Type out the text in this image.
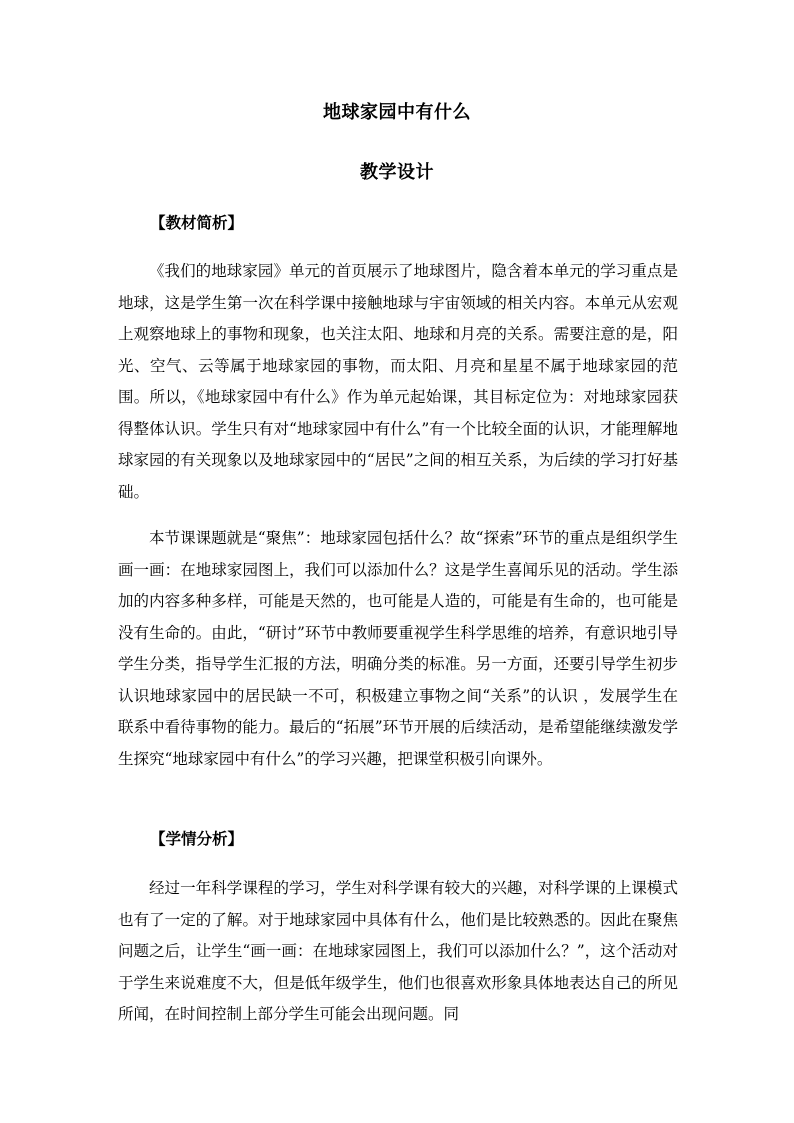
地球家园中有什么
教学设计
【教材简析】

《我们的地球家园》单元的首页展示了地球图片，隐含着本单元的学习重点是地球，这是学生第一次在科学课中接触地球与宇宙领域的相关内容。本单元从宏观上观察地球上的事物和现象，也关注太阳、地球和月亮的关系。需要注意的是，阳光、空气、云等属于地球家园的事物，而太阳、月亮和星星不属于地球家园的范围。所以，《地球家园中有什么》作为单元起始课，其目标定位为：对地球家园获得整体认识。学生只有对“地球家园中有什么”有一个比较全面的认识，才能理解地球家园的有关现象以及地球家园中的“居民”之间的相互关系，为后续的学习打好基础。

本节课课题就是“聚焦”：地球家园包括什么？故“探索”环节的重点是组织学生画一画：在地球家园图上，我们可以添加什么？这是学生喜闻乐见的活动。学生添加的内容多种多样，可能是天然的，也可能是人造的，可能是有生命的，也可能是没有生命的。由此，“研讨”环节中教师要重视学生科学思维的培养，有意识地引导学生分类，指导学生汇报的方法，明确分类的标准。另一方面，还要引导学生初步认识地球家园中的居民缺一不可，积极建立事物之间“关系”的认识 ，发展学生在联系中看待事物的能力。最后的“拓展”环节开展的后续活动，是希望能继续激发学生探究“地球家园中有什么”的学习兴趣，把课堂积极引向课外。

【学情分析】

经过一年科学课程的学习，学生对科学课有较大的兴趣，对科学课的上课模式也有了一定的了解。对于地球家园中具体有什么，他们是比较熟悉的。因此在聚焦问题之后，让学生“画一画：在地球家园图上，我们可以添加什么？”，这个活动对于学生来说难度不大，但是低年级学生，他们也很喜欢形象具体地表达自己的所见所闻，在时间控制上部分学生可能会出现问题。同
